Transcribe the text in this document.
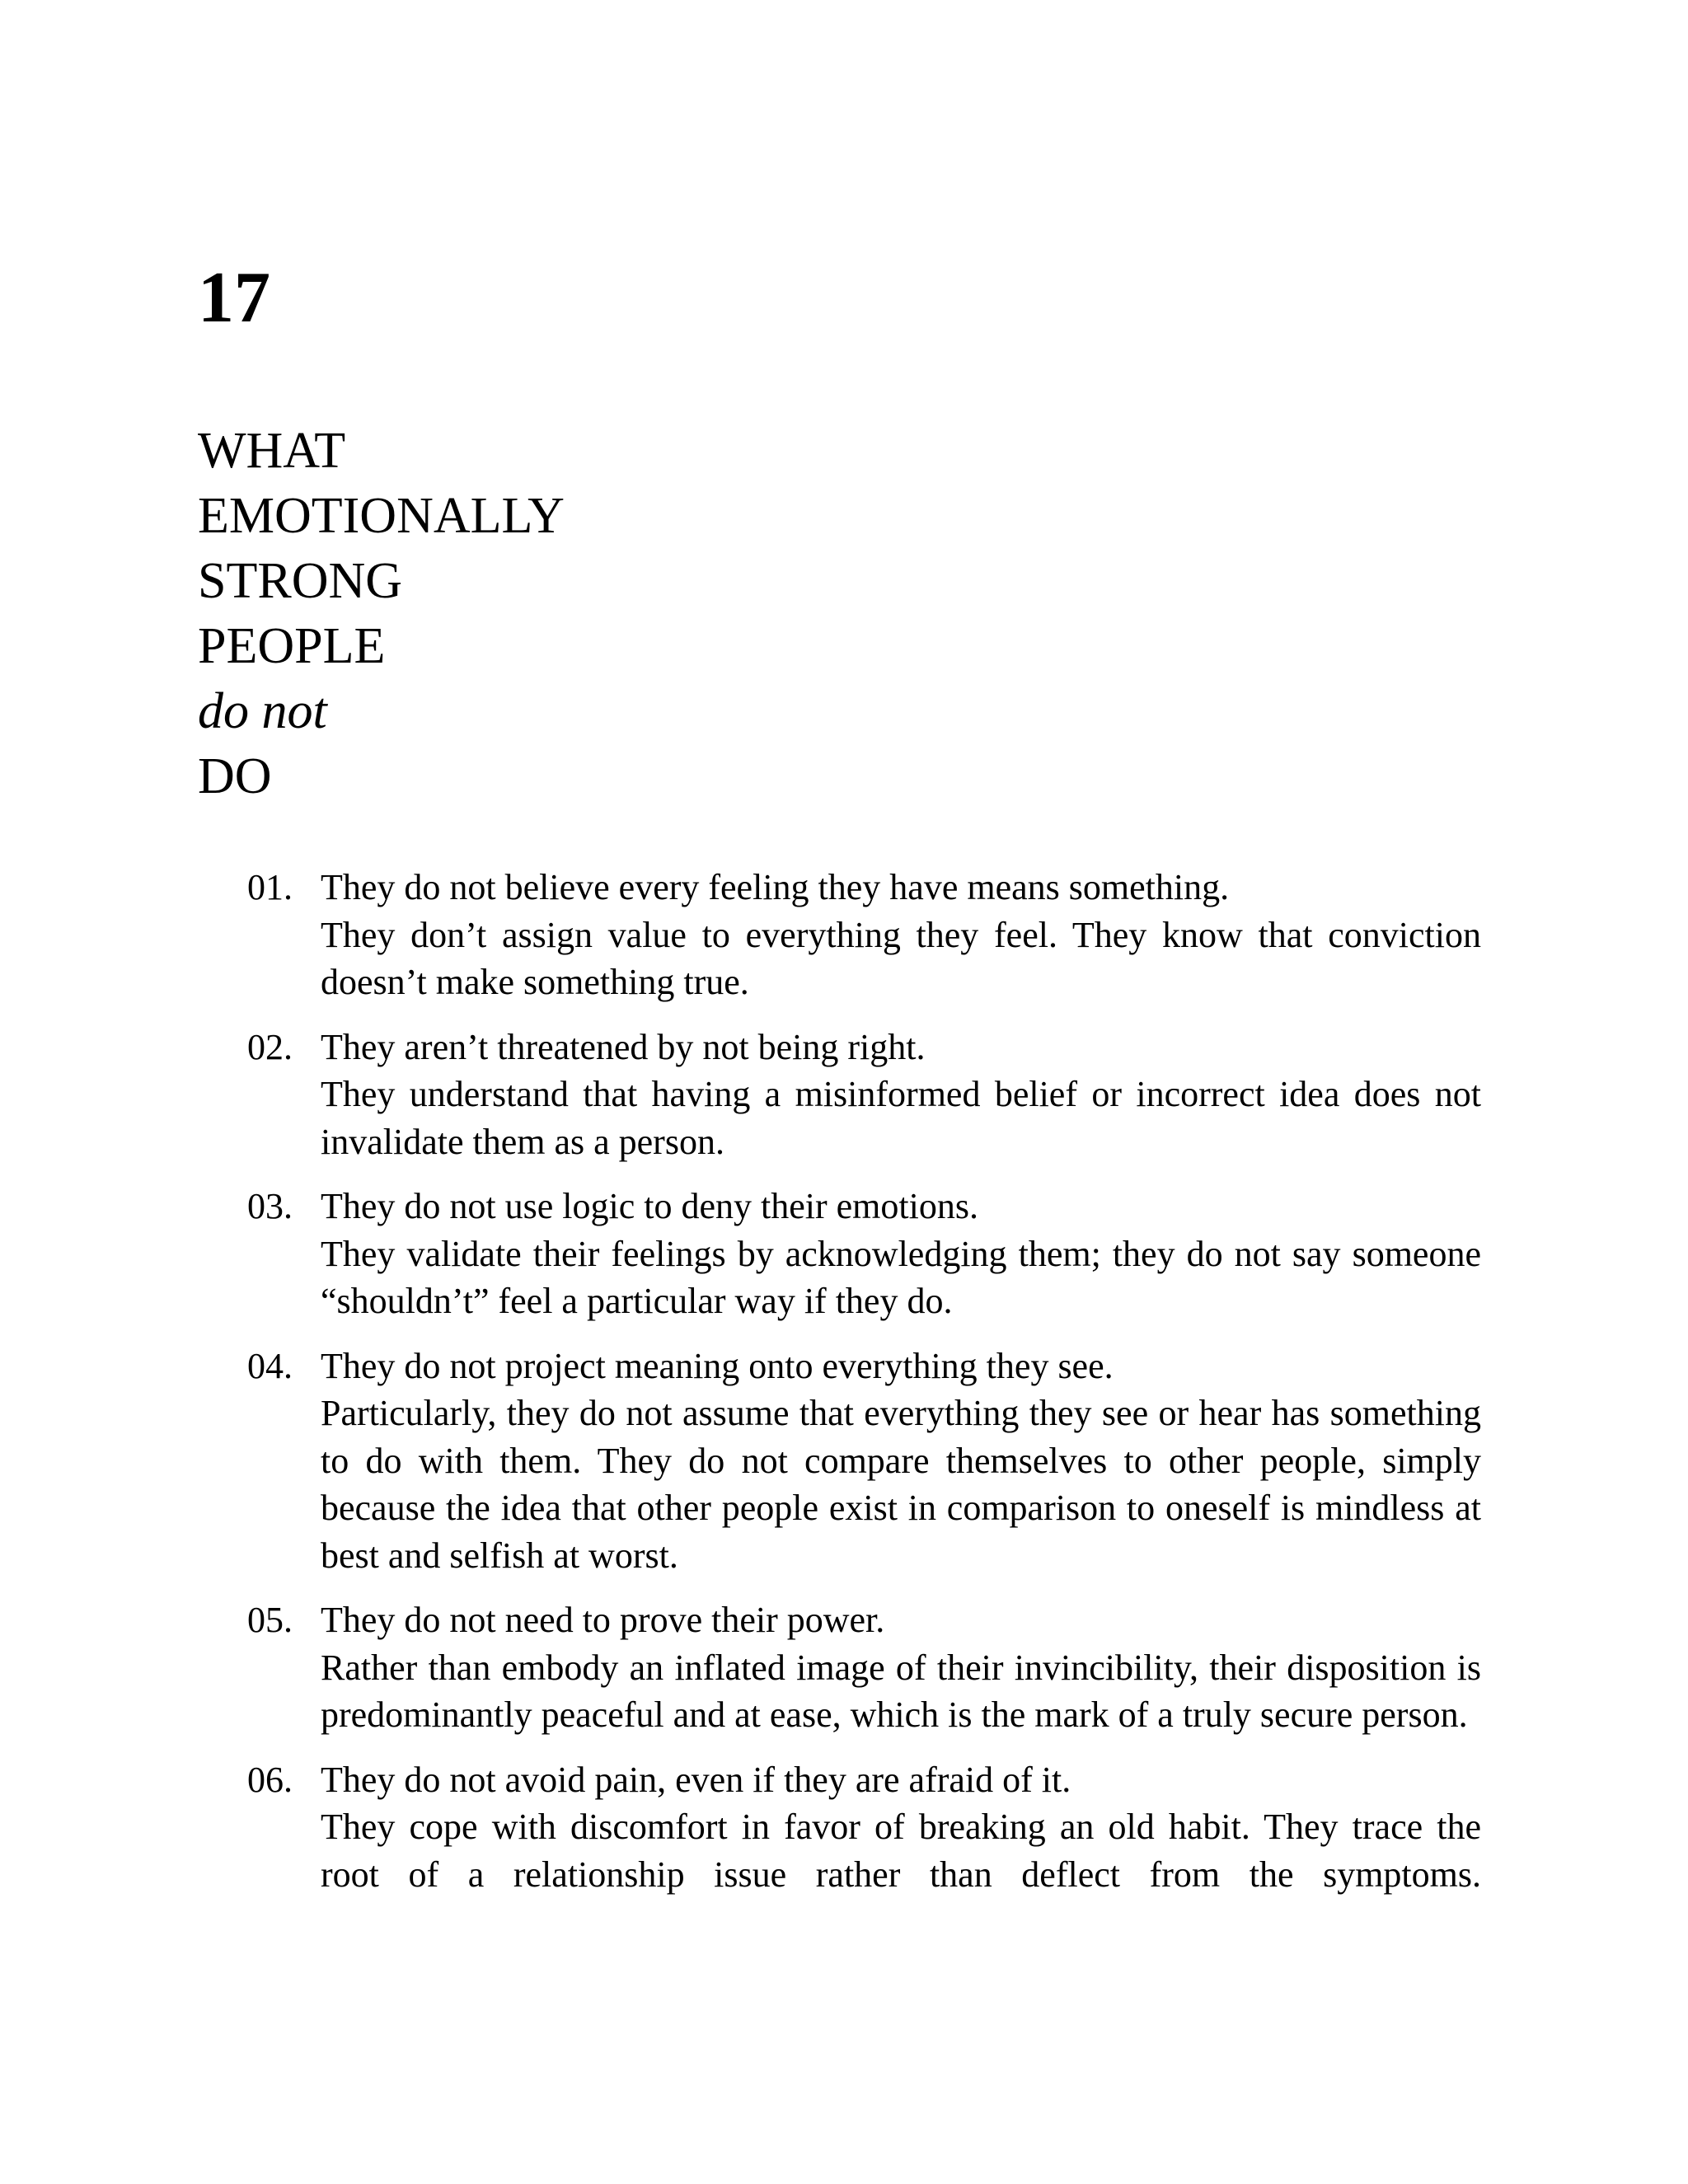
17
WHAT
EMOTIONALLY
STRONG
PEOPLE
do not
DO
01. They do not believe every feeling they have means something.
They don’t assign value to everything they feel. They know that conviction doesn’t make something true.
02. They aren’t threatened by not being right.
They understand that having a misinformed belief or incorrect idea does not invalidate them as a person.
03. They do not use logic to deny their emotions.
They validate their feelings by acknowledging them; they do not say someone “shouldn’t” feel a particular way if they do.
04. They do not project meaning onto everything they see.
Particularly, they do not assume that everything they see or hear has something to do with them. They do not compare themselves to other people, simply because the idea that other people exist in comparison to oneself is mindless at best and selfish at worst.
05. They do not need to prove their power.
Rather than embody an inflated image of their invincibility, their disposition is predominantly peaceful and at ease, which is the mark of a truly secure person.
06. They do not avoid pain, even if they are afraid of it.
They cope with discomfort in favor of breaking an old habit. They trace the root of a relationship issue rather than deflect from the symptoms.
